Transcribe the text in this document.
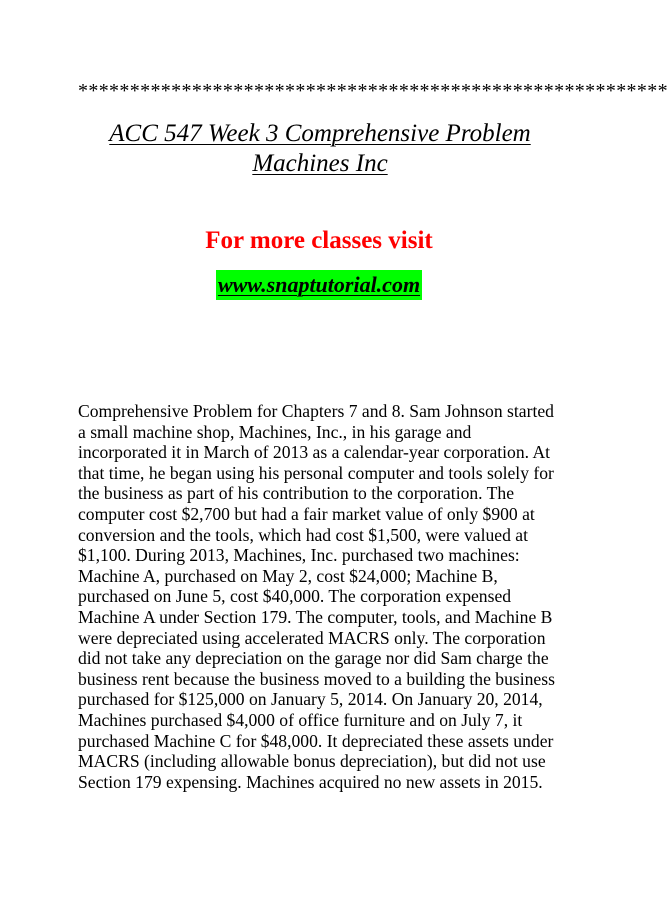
*********************************************************
ACC 547 Week 3 Comprehensive Problem
Machines Inc
For more classes visit
www.snaptutorial.com
Comprehensive Problem for Chapters 7 and 8. Sam Johnson started a small machine shop, Machines, Inc., in his garage and incorporated it in March of 2013 as a calendar-year corporation. At that time, he began using his personal computer and tools solely for the business as part of his contribution to the corporation. The computer cost $2,700 but had a fair market value of only $900 at conversion and the tools, which had cost $1,500, were valued at $1,100. During 2013, Machines, Inc. purchased two machines: Machine A, purchased on May 2, cost $24,000; Machine B, purchased on June 5, cost $40,000. The corporation expensed Machine A under Section 179. The computer, tools, and Machine B were depreciated using accelerated MACRS only. The corporation did not take any depreciation on the garage nor did Sam charge the business rent because the business moved to a building the business purchased for $125,000 on January 5, 2014. On January 20, 2014, Machines purchased $4,000 of office furniture and on July 7, it purchased Machine C for $48,000. It depreciated these assets under MACRS (including allowable bonus depreciation), but did not use Section 179 expensing. Machines acquired no new assets in 2015.
